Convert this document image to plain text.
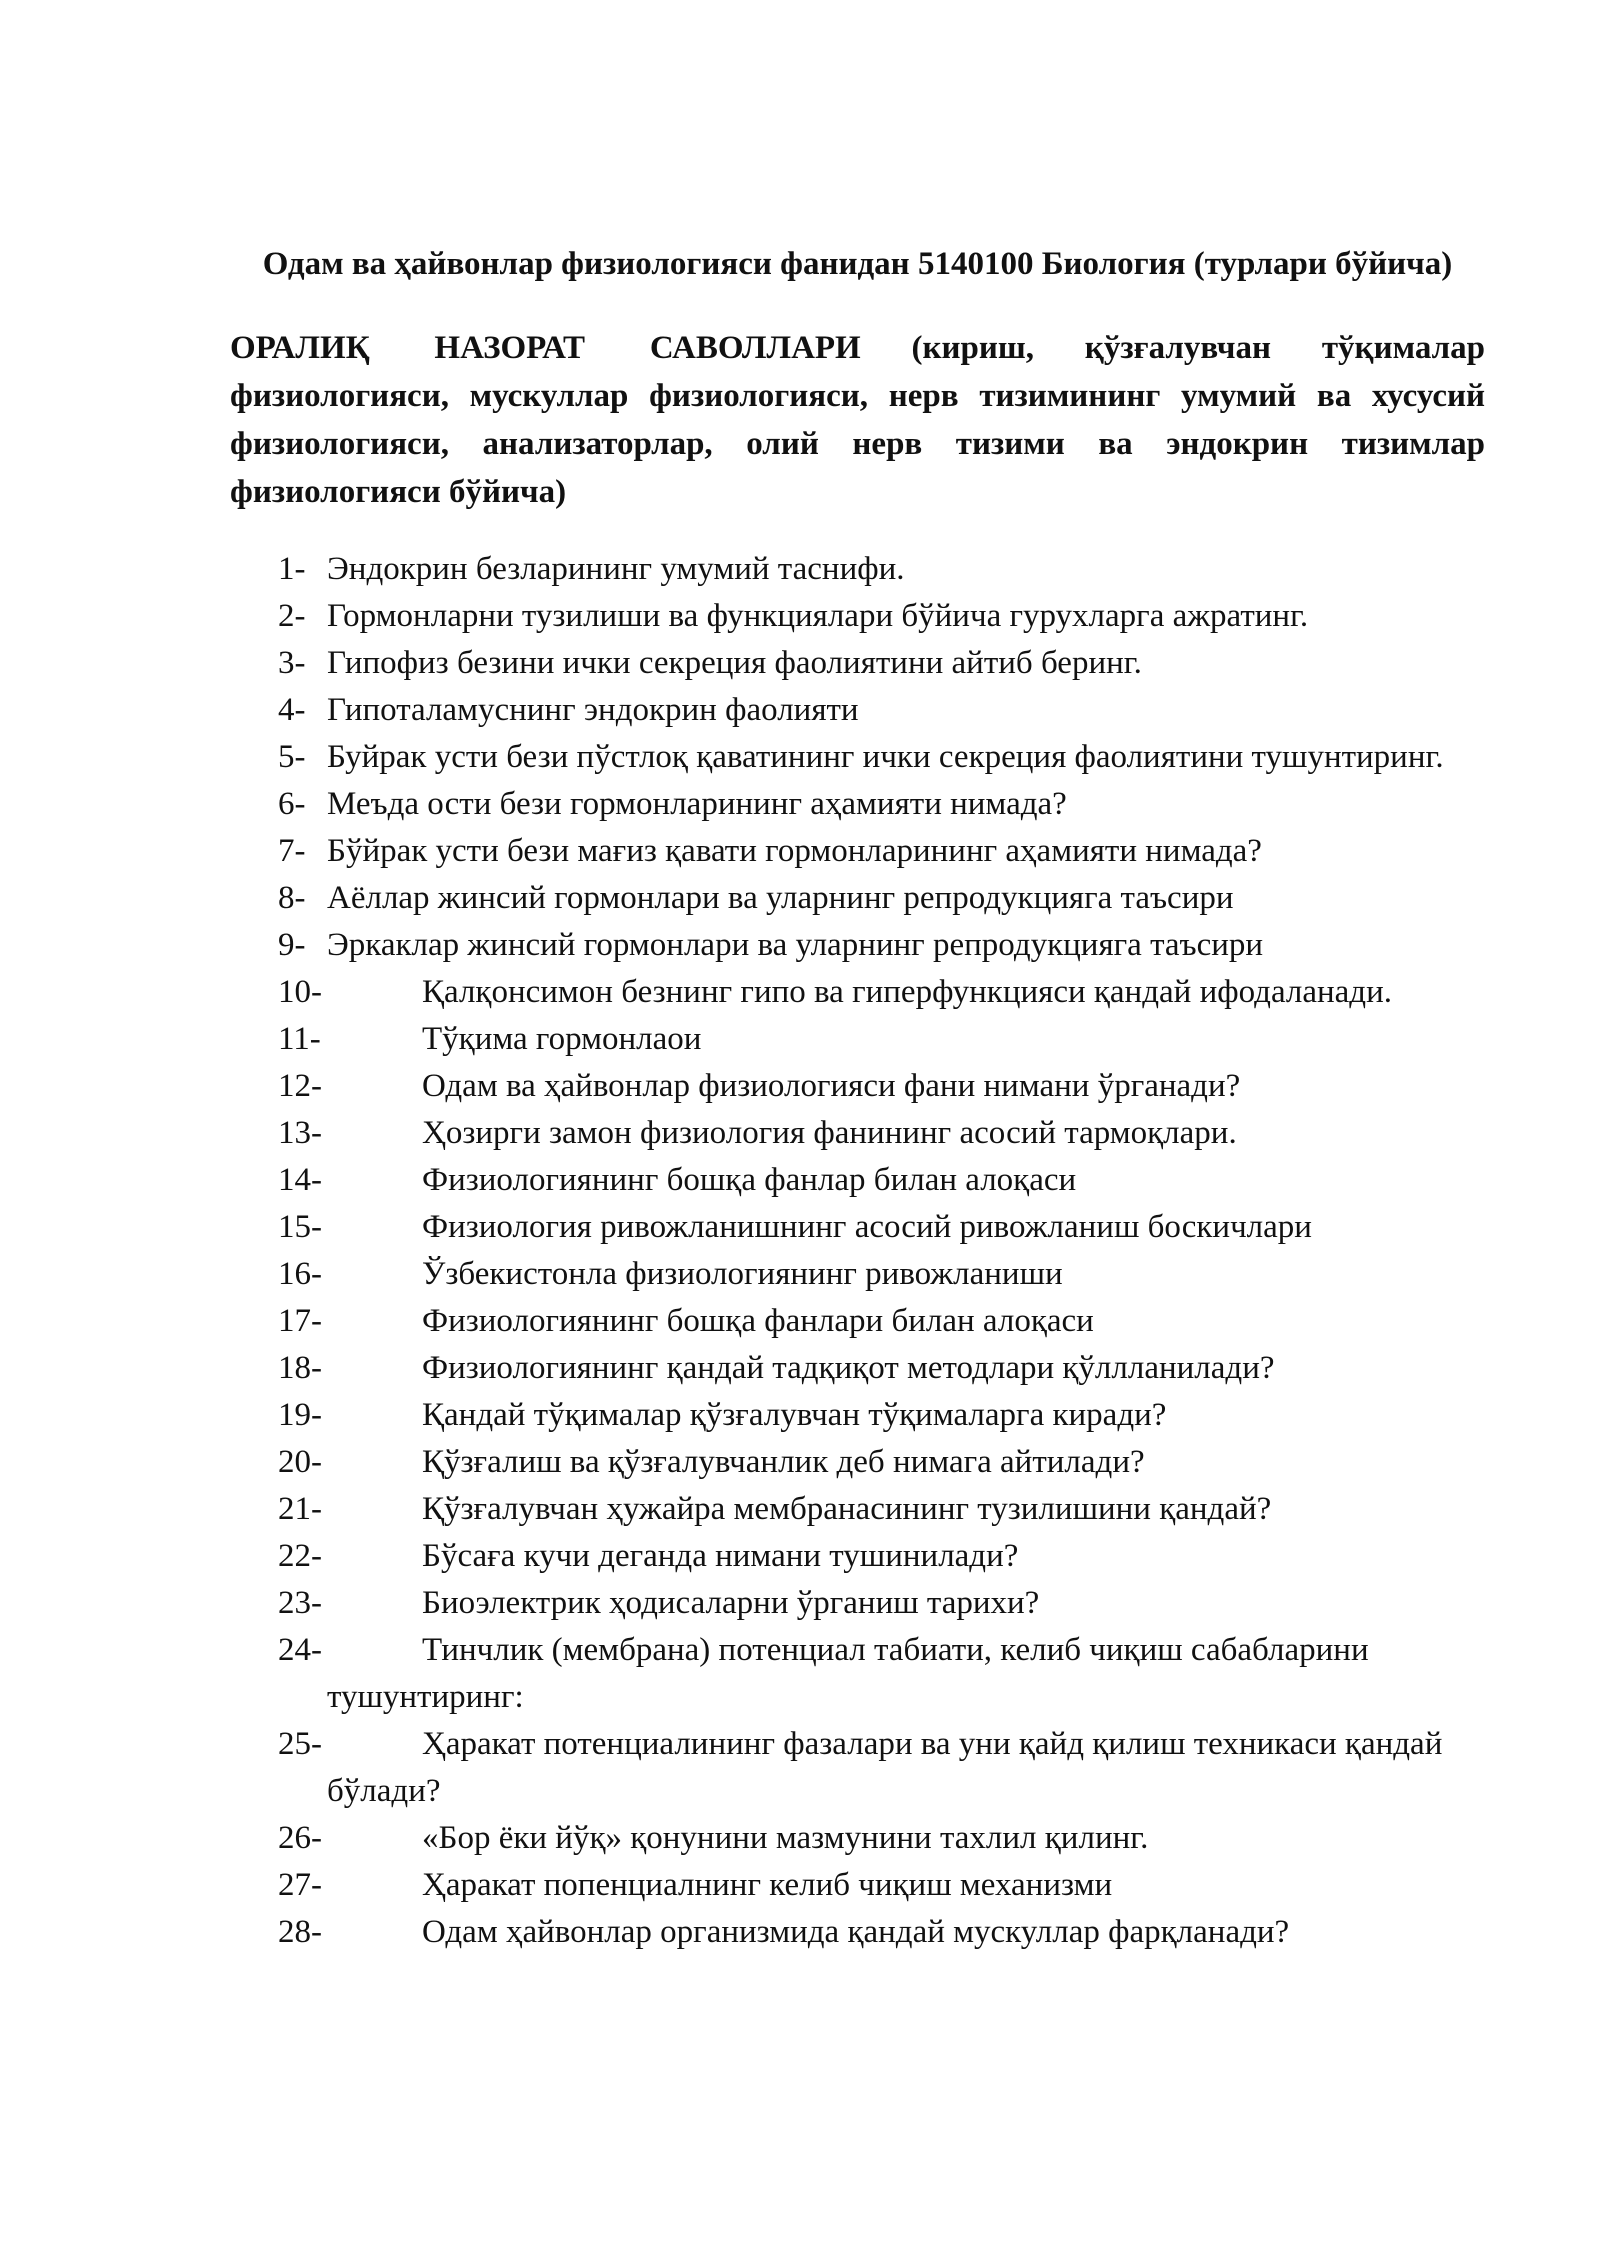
Одам ва ҳайвонлар физиологияси фанидан 5140100 Биология (турлари бўйича)

ОРАЛИҚ НАЗОРАТ САВОЛЛАРИ (кириш, қўзғалувчан тўқималар физиологияси, мускуллар физиологияси, нерв тизимининг умумий ва хусусий физиологияси, анализаторлар, олий нерв тизими ва эндокрин тизимлар физиологияси бўйича)

1- Эндокрин безларининг умумий таснифи.
2- Гормонларни тузилиши ва функциялари бўйича гурухларга ажратинг.
3- Гипофиз безини ички секреция фаолиятини айтиб беринг.
4- Гипоталамуснинг эндокрин фаолияти
5- Буйрак усти бези пўстлоқ қаватининг ички секреция фаолиятини тушунтиринг.
6- Меъда ости бези гормонларининг аҳамияти нимада?
7- Бўйрак усти бези мағиз қавати гормонларининг аҳамияти нимада?
8- Аёллар жинсий гормонлари ва уларнинг репродукцияга таъсири
9- Эркаклар жинсий гормонлари ва уларнинг репродукцияга таъсири
10-	Қалқонсимон безнинг гипо ва гиперфункцияси қандай ифодаланади.
11-	Тўқима гормонлаои
12-	Одам ва ҳайвонлар физиологияси фани нимани ўрганади?
13-	Ҳозирги замон физиология фанининг асосий тармоқлари.
14-	Физиологиянинг бошқа фанлар билан алоқаси
15-	Физиология ривожланишнинг асосий ривожланиш боскичлари
16-	Ўзбекистонла физиологиянинг ривожланиши
17-	Физиологиянинг бошқа фанлари билан алоқаси
18-	Физиологиянинг қандай тадқиқот методлари қўллланилади?
19-	Қандай тўқималар қўзғалувчан тўқималарга киради?
20-	Қўзғалиш ва қўзғалувчанлик деб нимага айтилади?
21-	Қўзғалувчан ҳужайра мембранасининг тузилишини қандай?
22-	Бўсаға кучи деганда нимани тушинилади?
23-	Биоэлектрик ҳодисаларни ўрганиш тарихи?
24-	Тинчлик (мембрана) потенциал табиати, келиб чиқиш сабабларини тушунтиринг:
25-	Ҳаракат потенциалининг фазалари ва уни қайд қилиш техникаси қандай бўлади?
26-	«Бор ёки йўқ» қонунини мазмунини тахлил қилинг.
27-	Ҳаракат попенциалнинг келиб чиқиш механизми
28-	Одам ҳайвонлар организмида қандай мускуллар фарқланади?
